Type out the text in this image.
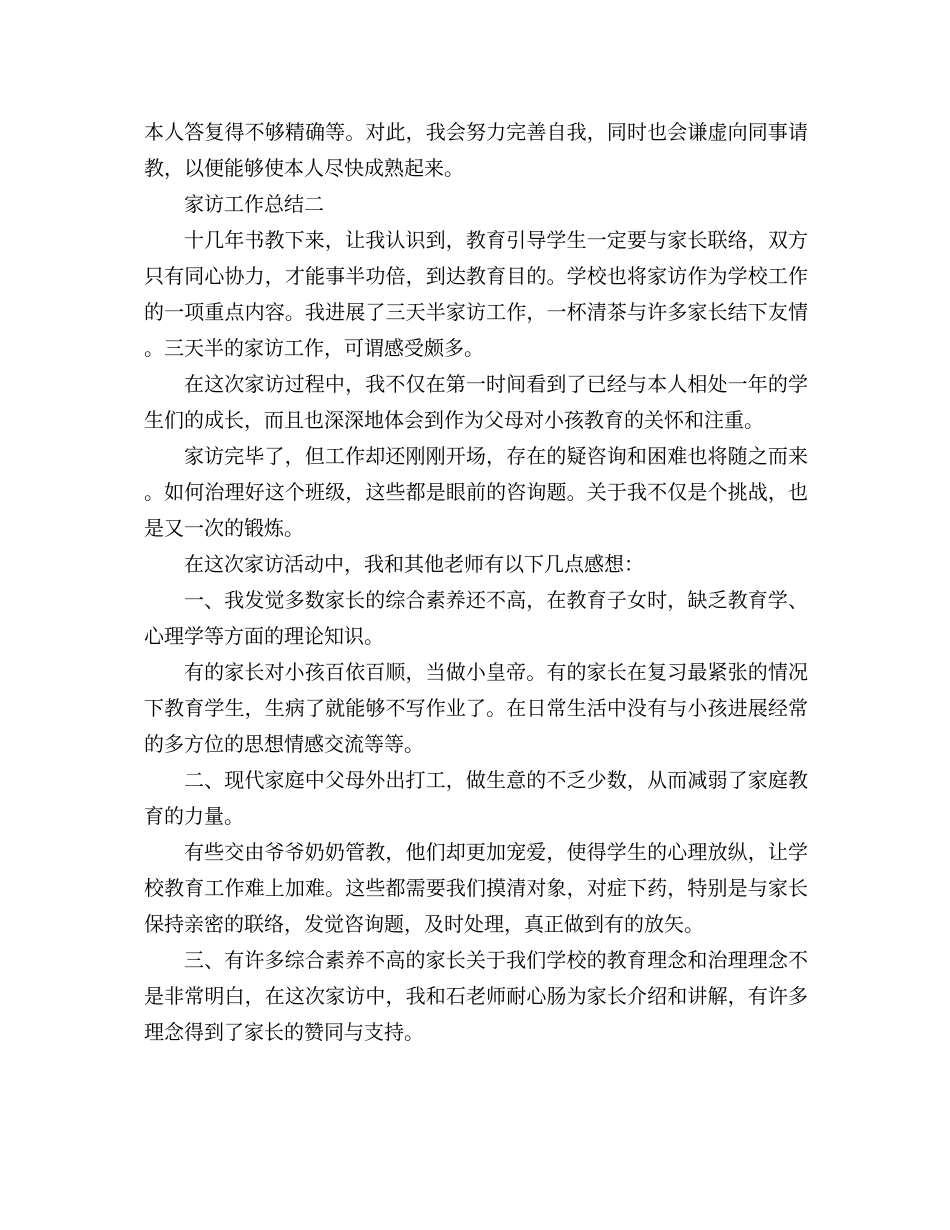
本人答复得不够精确等。对此，我会努力完善自我，同时也会谦虚向同事请教，以便能够使本人尽快成熟起来。

家访工作总结二

十几年书教下来，让我认识到，教育引导学生一定要与家长联络，双方只有同心协力，才能事半功倍，到达教育目的。学校也将家访作为学校工作的一项重点内容。我进展了三天半家访工作，一杯清茶与许多家长结下友情。三天半的家访工作，可谓感受颇多。

在这次家访过程中，我不仅在第一时间看到了已经与本人相处一年的学生们的成长，而且也深深地体会到作为父母对小孩教育的关怀和注重。

家访完毕了，但工作却还刚刚开场，存在的疑咨询和困难也将随之而来。如何治理好这个班级，这些都是眼前的咨询题。关于我不仅是个挑战，也是又一次的锻炼。

在这次家访活动中，我和其他老师有以下几点感想：

一、我发觉多数家长的综合素养还不高，在教育子女时，缺乏教育学、心理学等方面的理论知识。

有的家长对小孩百依百顺，当做小皇帝。有的家长在复习最紧张的情况下教育学生，生病了就能够不写作业了。在日常生活中没有与小孩进展经常的多方位的思想情感交流等等。

二、现代家庭中父母外出打工，做生意的不乏少数，从而减弱了家庭教育的力量。

有些交由爷爷奶奶管教，他们却更加宠爱，使得学生的心理放纵，让学校教育工作难上加难。这些都需要我们摸清对象，对症下药，特别是与家长保持亲密的联络，发觉咨询题，及时处理，真正做到有的放矢。

三、有许多综合素养不高的家长关于我们学校的教育理念和治理理念不是非常明白，在这次家访中，我和石老师耐心肠为家长介绍和讲解，有许多理念得到了家长的赞同与支持。
